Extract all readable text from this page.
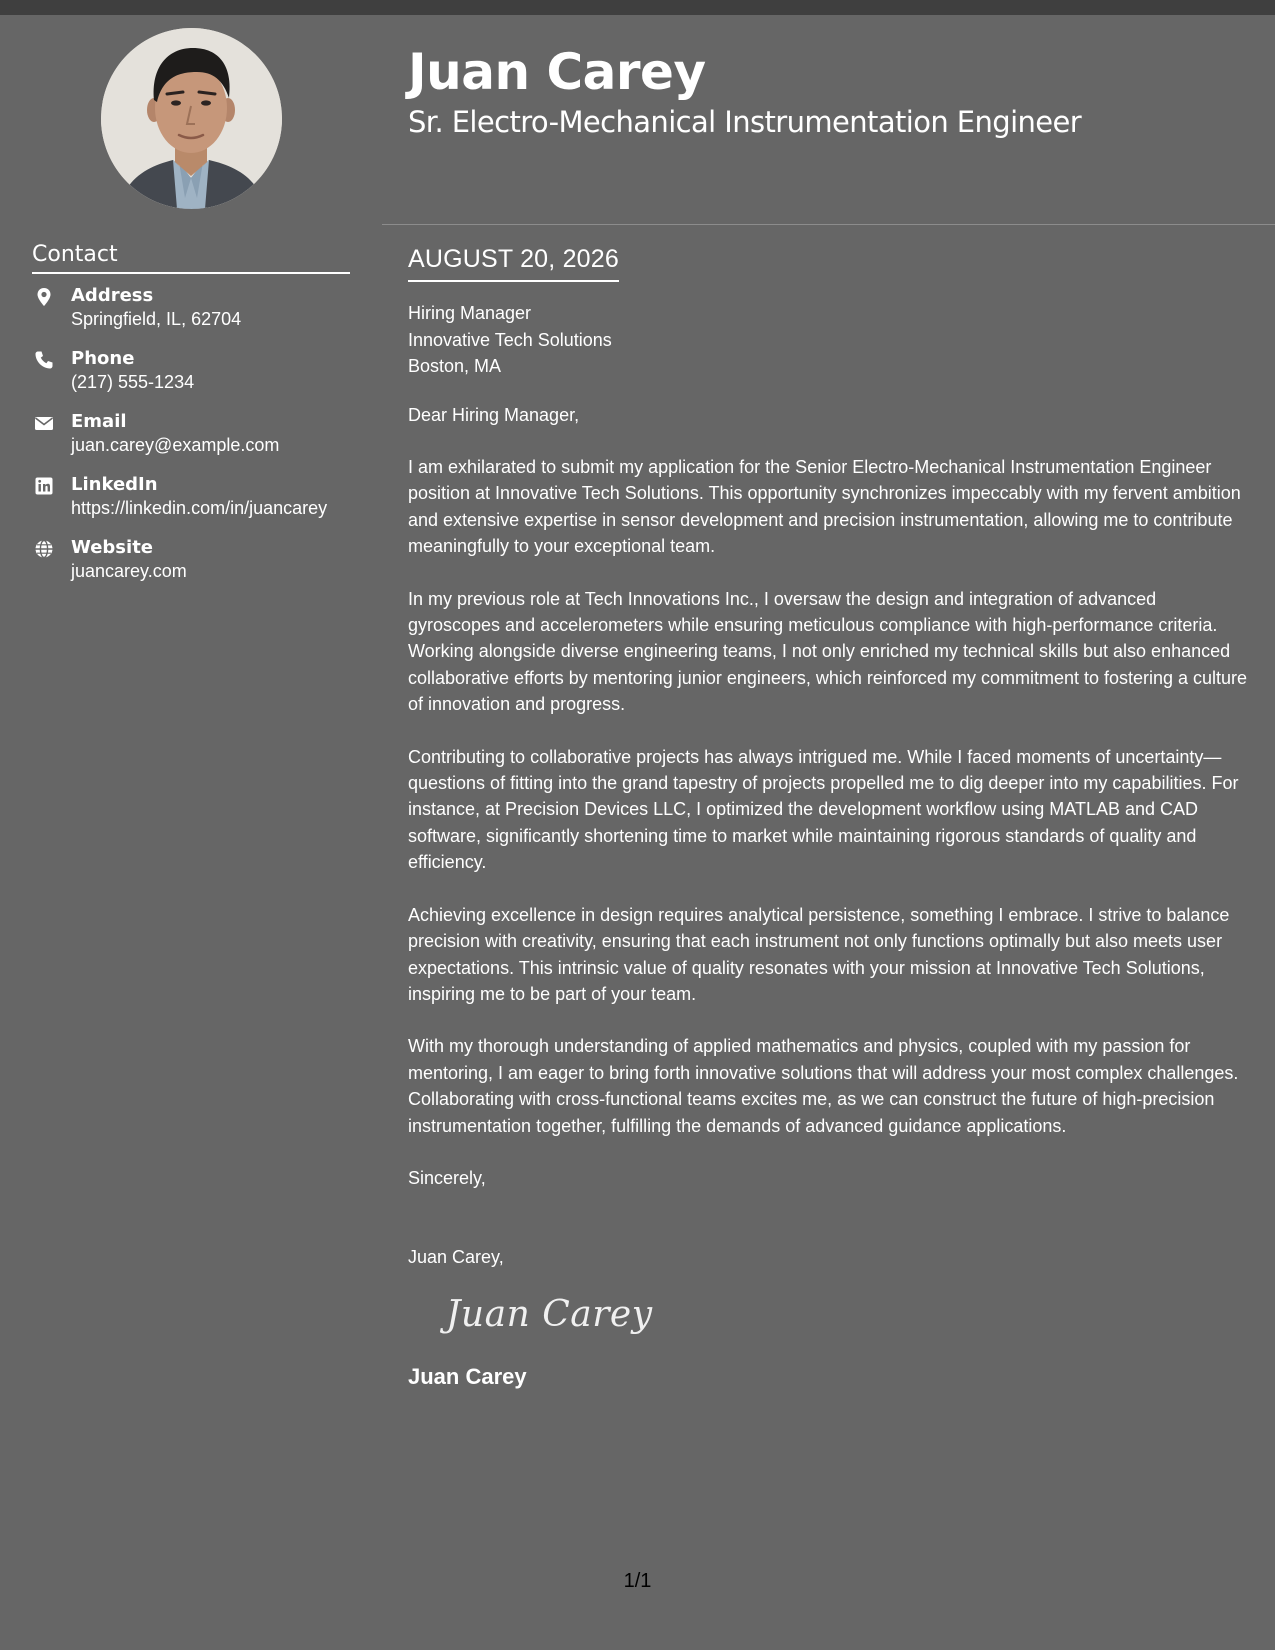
Contact
Address
Springfield, IL, 62704
Phone
(217) 555-1234
Email
juan.carey@example.com
LinkedIn
https://linkedin.com/in/juancarey
Website
juancarey.com
Juan Carey
Sr. Electro-Mechanical Instrumentation Engineer
AUGUST 20, 2026
Hiring Manager
Innovative Tech Solutions
Boston, MA
Dear Hiring Manager,
I am exhilarated to submit my application for the Senior Electro-Mechanical Instrumentation Engineer position at Innovative Tech Solutions. This opportunity synchronizes impeccably with my fervent ambition and extensive expertise in sensor development and precision instrumentation, allowing me to contribute meaningfully to your exceptional team.
In my previous role at Tech Innovations Inc., I oversaw the design and integration of advanced gyroscopes and accelerometers while ensuring meticulous compliance with high-performance criteria. Working alongside diverse engineering teams, I not only enriched my technical skills but also enhanced collaborative efforts by mentoring junior engineers, which reinforced my commitment to fostering a culture of innovation and progress.
Contributing to collaborative projects has always intrigued me. While I faced moments of uncertainty—questions of fitting into the grand tapestry of projects propelled me to dig deeper into my capabilities. For instance, at Precision Devices LLC, I optimized the development workflow using MATLAB and CAD software, significantly shortening time to market while maintaining rigorous standards of quality and efficiency.
Achieving excellence in design requires analytical persistence, something I embrace. I strive to balance precision with creativity, ensuring that each instrument not only functions optimally but also meets user expectations. This intrinsic value of quality resonates with your mission at Innovative Tech Solutions, inspiring me to be part of your team.
With my thorough understanding of applied mathematics and physics, coupled with my passion for mentoring, I am eager to bring forth innovative solutions that will address your most complex challenges. Collaborating with cross-functional teams excites me, as we can construct the future of high-precision instrumentation together, fulfilling the demands of advanced guidance applications.
Sincerely,
Juan Carey,
Juan Carey
Juan Carey
1/1
